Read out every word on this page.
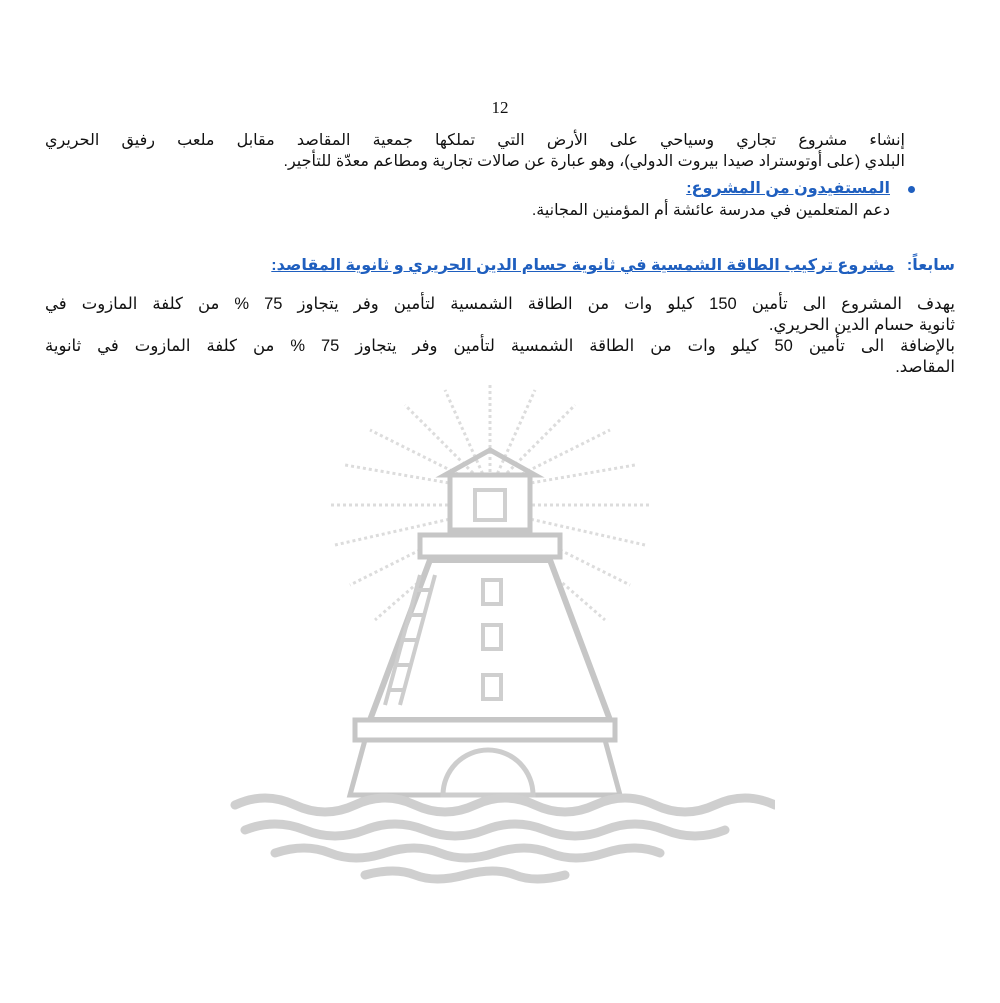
12
إنشاء مشروع تجاري وسياحي على الأرض التي تملكها جمعية المقاصد مقابل ملعب رفيق الحريري
البلدي (على أوتوستراد صيدا بيروت الدولي)، وهو عبارة عن صالات تجارية ومطاعم معدّة للتأجير.
المستفيدون من المشروع:
دعم المتعلمين في مدرسة عائشة أم المؤمنين المجانية.
سابعاً: مشروع تركيب الطاقة الشمسية في ثانوية حسام الدين الحريري و ثانوية المقاصد:
يهدف المشروع الى تأمين 150 كيلو وات من الطاقة الشمسية لتأمين وفر يتجاوز 75 % من كلفة المازوت في
ثانوية حسام الدين الحريري.
بالإضافة الى تأمين 50 كيلو وات من الطاقة الشمسية لتأمين وفر يتجاوز 75 % من كلفة المازوت في ثانوية
المقاصد.
